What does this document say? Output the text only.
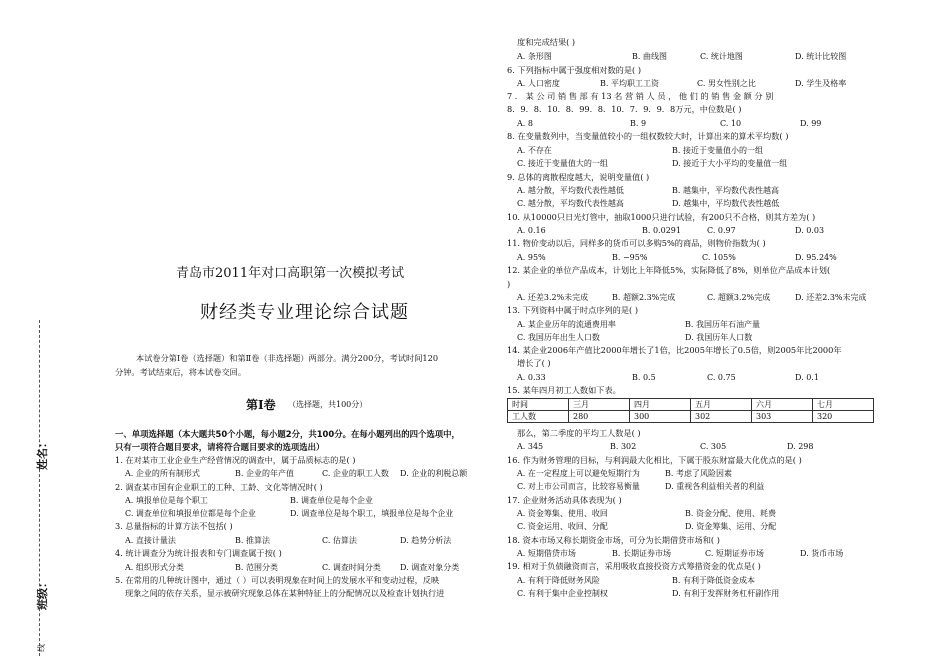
姓名：
班级：
线
青岛市2011年对口高职第一次模拟考试
财经类专业理论综合试题
本试卷分第Ⅰ卷（选择题）和第Ⅱ卷（非选择题）两部分。满分200分，考试时间120
分钟。考试结束后，将本试卷交回。
第Ⅰ卷 （选择题，共100分）
一、单项选择题（本大题共50个小题，每小题2分，共100分。在每小题列出的四个选项中，
只有一项符合题目要求，请将符合题目要求的选项选出）
1. 在对某市工业企业生产经营情况的调查中，属于品质标志的是( )
A. 企业的所有制形式	B. 企业的年产值	C. 企业的职工人数 D. 企业的利税总额
2. 调查某市国有企业职工的工种、工龄、文化等情况时( )
A. 填报单位是每个职工	B. 调查单位是每个企业
C. 调查单位和填报单位都是每个企业	D. 调查单位是每个职工，填报单位是每个企业
3. 总量指标的计算方法不包括( )
A. 直接计量法	B. 推算法	C. 估算法	D. 趋势分析法
4. 统计调查分为统计报表和专门调查属于按( )
A. 组织形式分类	B. 范围分类	C. 调查时间分类 D. 调查对象分类
5. 在常用的几种统计图中，通过（ ）可以表明现象在时间上的发展水平和变动过程，反映
现象之间的依存关系，显示被研究现象总体在某种特征上的分配情况以及检查计划执行进
度和完成结果( )
A. 条形图	B. 曲线图	C. 统计地图	D. 统计比较图
6. 下列指标中属于强度相对数的是( )
A. 人口密度	B. 平均职工工资	C. 男女性别之比	D. 学生及格率
7 ． 某 公 司 销 售 部 有 13 名 营 销 人 员 ， 他 们 的 销 售 金 额 分 别
8．9．8．10．8．99．8．10．7．9．9．8万元，中位数是( )
A. 8	B. 9	C. 10	D. 99
8. 在变量数列中，当变量值较小的一组权数较大时，计算出来的算术平均数( )
A. 不存在	B. 接近于变量值小的一组
C. 接近于变量值大的一组	D. 接近于大小平均的变量值一组
9. 总体的离散程度越大，说明变量值( )
A. 越分散，平均数代表性越低	B. 越集中，平均数代表性越高
C. 越分散，平均数代表性越高	D. 越集中，平均数代表性越低
10. 从10000只日光灯管中，抽取1000只进行试验，有200只不合格，则其方差为( )
A. 0.16	B. 0.0291	C. 0.97	D. 0.03
11. 物价变动以后，同样多的货币可以多购5%的商品，则物价指数为( )
A. 95%	B. −95%	C. 105%	D. 95.24%
12. 某企业的单位产品成本，计划比上年降低5%，实际降低了8%，则单位产品成本计划(
)
A. 还差3.2%未完成	B. 超额2.3%完成	C. 超额3.2%完成	D. 还差2.3%未完成
13. 下列资料中属于时点序列的是( )
A. 某企业历年的流通费用率	B. 我国历年石油产量
C. 我国历年出生人口数	D. 我国历年人口数
14. 某企业2006年产值比2000年增长了1倍，比2005年增长了0.5倍，则2005年比2000年
增长了( )
A. 0.33	B. 0.5	C. 0.75	D. 0.1
15. 某年四月初工人数如下表。
时间	三月	四月	五月	六月	七月
工人数	280	300	302	303	320
那么，第二季度的平均工人数是( )
A. 345	B. 302	C. 305	D. 298
16. 作为财务管理的目标，与利润最大化相比，下属于股东财富最大化优点的是( )
A. 在一定程度上可以避免短期行为	B. 考虑了风险因素
C. 对上市公司而言，比较容易衡量	D. 重视各利益相关者的利益
17. 企业财务活动具体表现为( )
A. 资金筹集、使用、收回	B. 资金分配、使用、耗费
C. 资金运用、收回、分配	D. 资金筹集、运用、分配
18. 资本市场又称长期资金市场，可分为长期借贷市场和( )
A. 短期借贷市场	B. 长期证券市场	C. 短期证券市场	D. 货币市场
19. 相对于负债融资而言，采用吸收直接投资方式筹措资金的优点是( )
A. 有利于降低财务风险	B. 有利于降低资金成本
C. 有利于集中企业控制权	D. 有利于发挥财务杠杆副作用
